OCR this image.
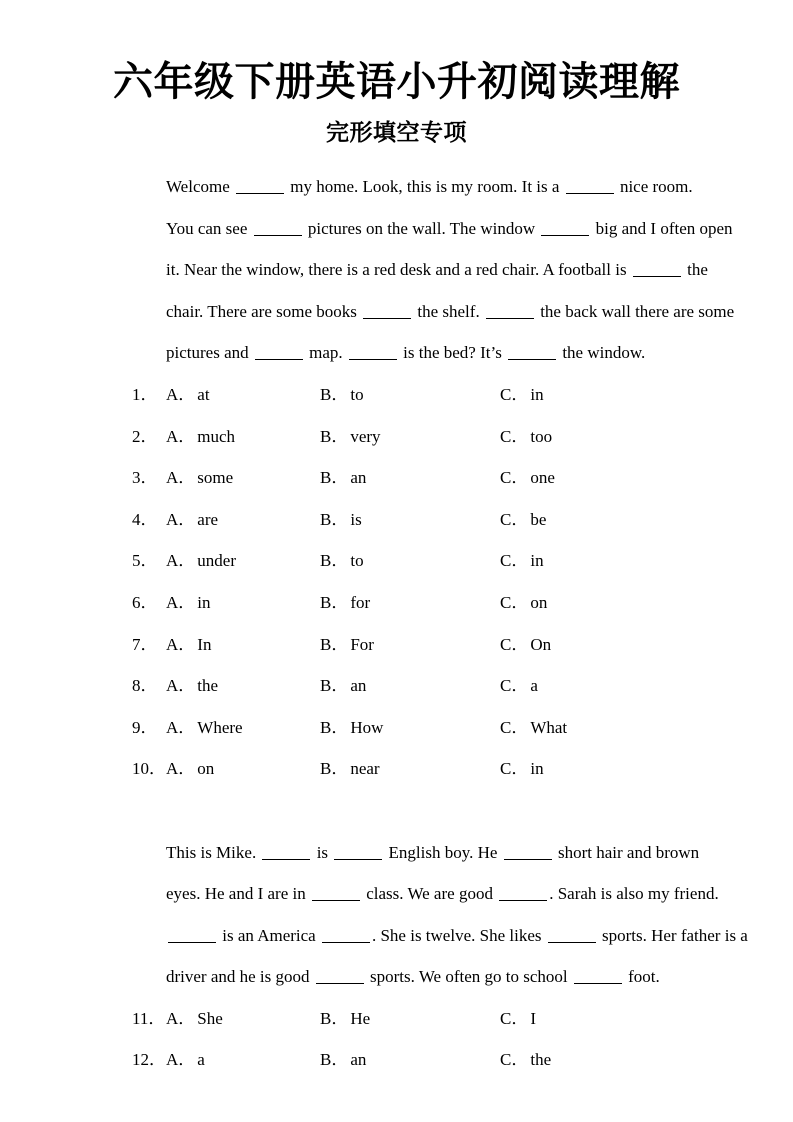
六年级下册英语小升初阅读理解
完形填空专项
Welcome	my home. Look, this is my room. It is a	nice room.
You can see	pictures on the wall. The window	big and I often open
it. Near the window, there is a red desk and a red chair. A football is	the
chair. There are some books	the shelf.	the back wall there are some
pictures and	map.	is the bed? It’s	the window.
1． A． at	B． to	C． in
2． A． much	B． very	C． too
3． A． some	B． an	C． one
4． A． are	B． is	C． be
5． A． under	B． to	C． in
6． A． in	B． for	C． on
7． A． In	B． For	C． On
8． A． the	B． an	C． a
9． A． Where	B． How	C． What
10． A． on	B． near	C． in
This is Mike.	is	English boy. He	short hair and brown
eyes. He and I are in	class. We are good	. Sarah is also my friend.
is an America	. She is twelve. She likes	sports. Her father is a
driver and he is good	sports. We often go to school	foot.
11． A． She	B． He	C． I
12． A． a	B． an	C． the
